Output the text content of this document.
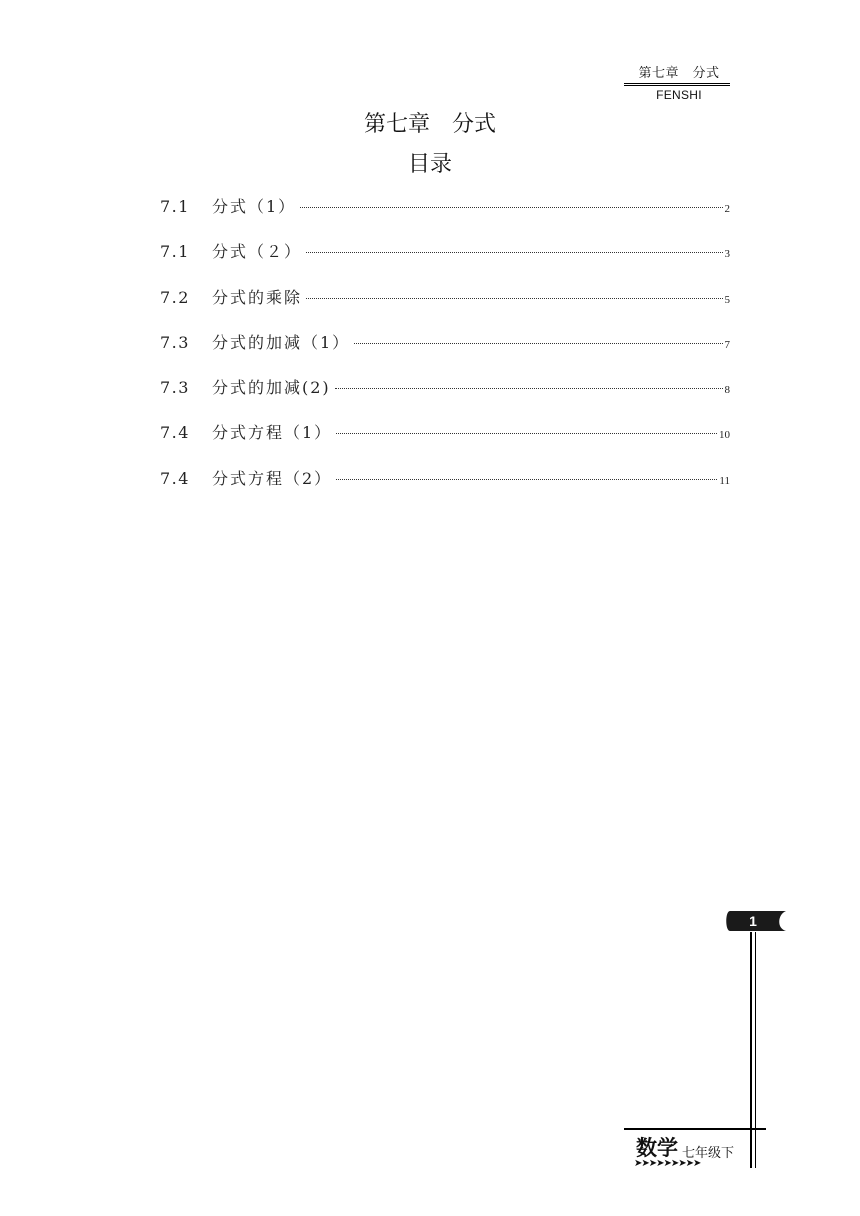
第七章　分式
FENSHI
第七章　分式
目录
7.1	分式（1）	2
7.1	分式（２）	3
7.2	分式的乘除	5
7.3	分式的加减（1）	7
7.3	分式的加减(2)	8
7.4	分式方程（1）	10
7.4	分式方程（2）	11
1
数学 七年级下
➤➤➤➤➤➤➤➤➤
